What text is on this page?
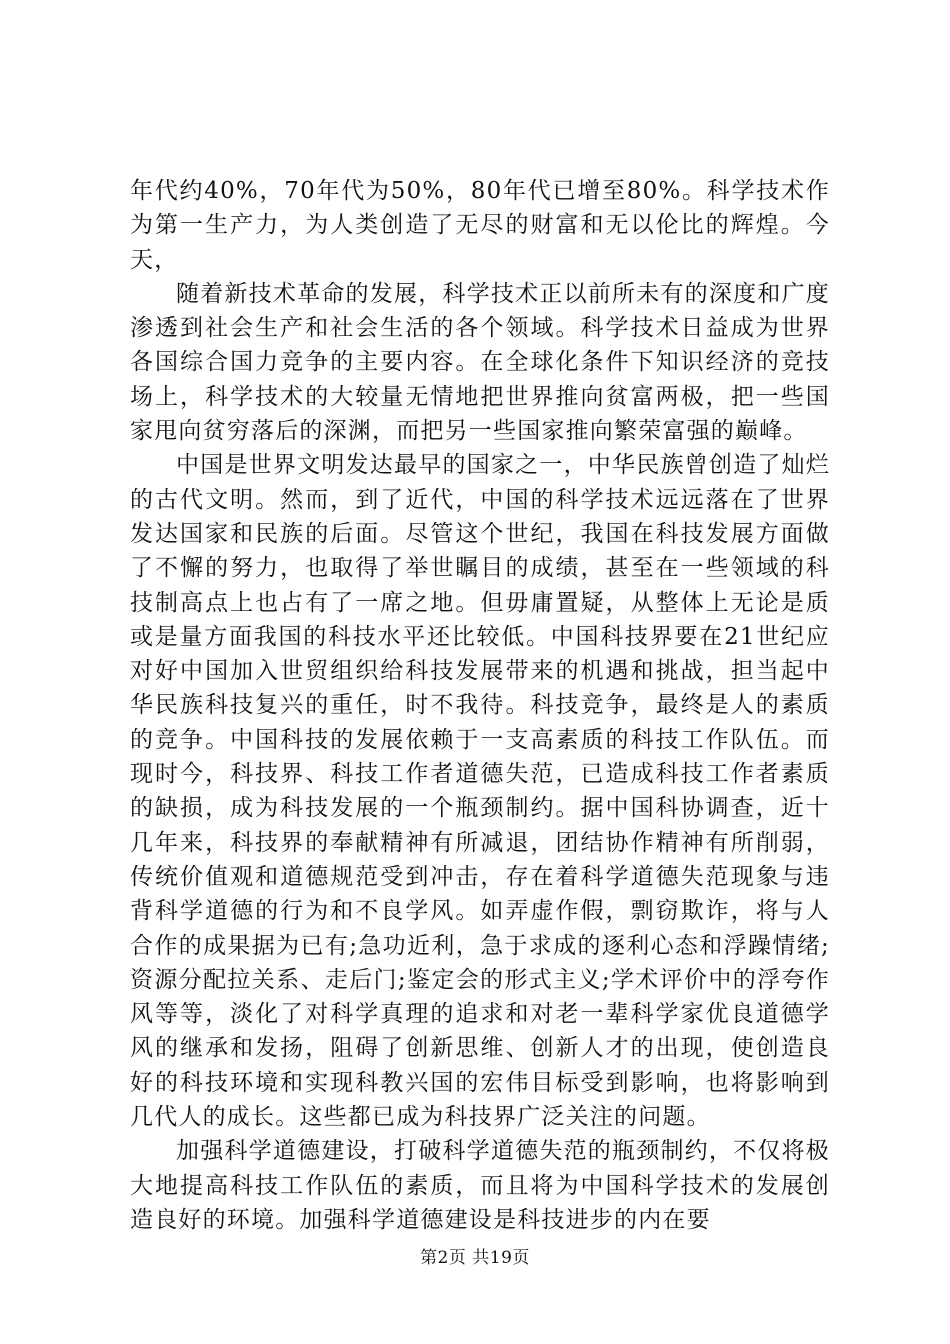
年代约40%，70年代为50%，80年代已增至80%。科学技术作为第一生产力，为人类创造了无尽的财富和无以伦比的辉煌。今天，

随着新技术革命的发展，科学技术正以前所未有的深度和广度渗透到社会生产和社会生活的各个领域。科学技术日益成为世界各国综合国力竞争的主要内容。在全球化条件下知识经济的竞技场上，科学技术的大较量无情地把世界推向贫富两极，把一些国家甩向贫穷落后的深渊，而把另一些国家推向繁荣富强的巅峰。

中国是世界文明发达最早的国家之一，中华民族曾创造了灿烂的古代文明。然而，到了近代，中国的科学技术远远落在了世界发达国家和民族的后面。尽管这个世纪，我国在科技发展方面做了不懈的努力，也取得了举世瞩目的成绩，甚至在一些领域的科技制高点上也占有了一席之地。但毋庸置疑，从整体上无论是质或是量方面我国的科技水平还比较低。中国科技界要在21世纪应对好中国加入世贸组织给科技发展带来的机遇和挑战，担当起中华民族科技复兴的重任，时不我待。科技竞争，最终是人的素质的竞争。中国科技的发展依赖于一支高素质的科技工作队伍。而现时今，科技界、科技工作者道德失范，已造成科技工作者素质的缺损，成为科技发展的一个瓶颈制约。据中国科协调查，近十几年来，科技界的奉献精神有所减退，团结协作精神有所削弱，传统价值观和道德规范受到冲击，存在着科学道德失范现象与违背科学道德的行为和不良学风。如弄虚作假，剽窃欺诈，将与人合作的成果据为已有;急功近利，急于求成的逐利心态和浮躁情绪;资源分配拉关系、走后门;鉴定会的形式主义;学术评价中的浮夸作风等等，淡化了对科学真理的追求和对老一辈科学家优良道德学风的继承和发扬，阻碍了创新思维、创新人才的出现，使创造良好的科技环境和实现科教兴国的宏伟目标受到影响，也将影响到几代人的成长。这些都已成为科技界广泛关注的问题。

加强科学道德建设，打破科学道德失范的瓶颈制约，不仅将极大地提高科技工作队伍的素质，而且将为中国科学技术的发展创造良好的环境。加强科学道德建设是科技进步的内在要

第2页 共19页
